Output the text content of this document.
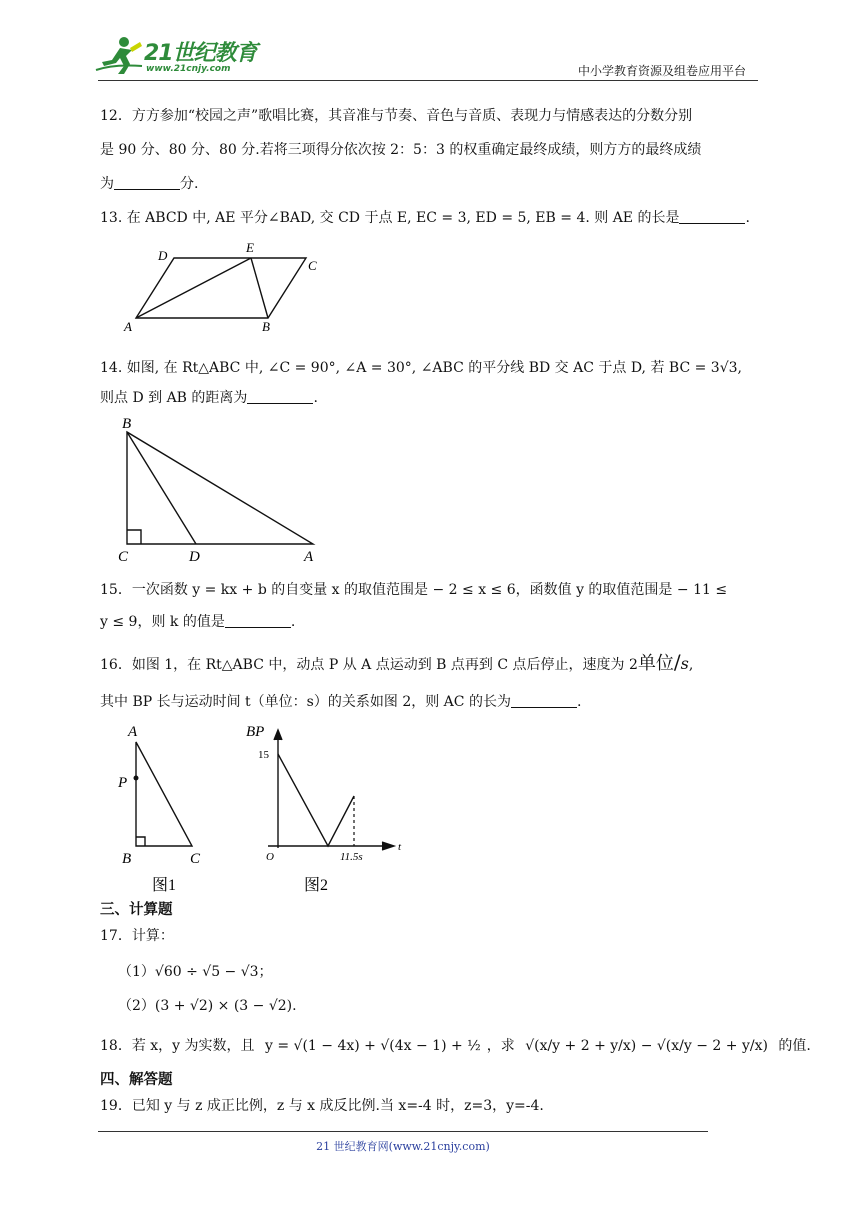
21世纪教育
www.21cnjy.com	中小学教育资源及组卷应用平台
12．方方参加“校园之声”歌唱比赛，其音准与节奏、音色与音质、表现力与情感表达的分数分别
是 90 分、80 分、80 分.若将三项得分依次按 2：5：3 的权重确定最终成绩，则方方的最终成绩
为	分.
13. 在 ABCD 中, AE 平分∠BAD, 交 CD 于点 E, EC = 3, ED = 5, EB = 4. 则 AE 的长是	.
A	B
C
D
E
14. 如图, 在 Rt△ABC 中, ∠C = 90°, ∠A = 30°, ∠ABC 的平分线 BD 交 AC 于点 D, 若 BC = 3√3,
则点 D 到 AB 的距离为	.
B
C	D	A
15．一次函数 y = kx + b 的自变量 x 的取值范围是 − 2 ≤ x ≤ 6，函数值 y 的取值范围是 − 11 ≤
y ≤ 9，则 k 的值是	.
16．如图 1，在 Rt△ABC 中，动点 P 从 A 点运动到 B 点再到 C 点后停止，速度为 2单位/s,
其中 BP 长与运动时间 t（单位：s）的关系如图 2，则 AC 的长为	.
A
P
B	C
图1
BP
15
O	11.5s
t
图2
三、计算题
17．计算：
（1）√60 ÷ √5 − √3；
（2）(3 + √2) × (3 − √2).
18．若 x，y 为实数，且 y = √(1 − 4x) + √(4x − 1) + ½ ，求 √(x/y + 2 + y/x) − √(x/y − 2 + y/x) 的值.
四、解答题
19．已知 y 与 z 成正比例，z 与 x 成反比例.当 x=-4 时，z=3，y=-4.
21 世纪教育网(www.21cnjy.com)
